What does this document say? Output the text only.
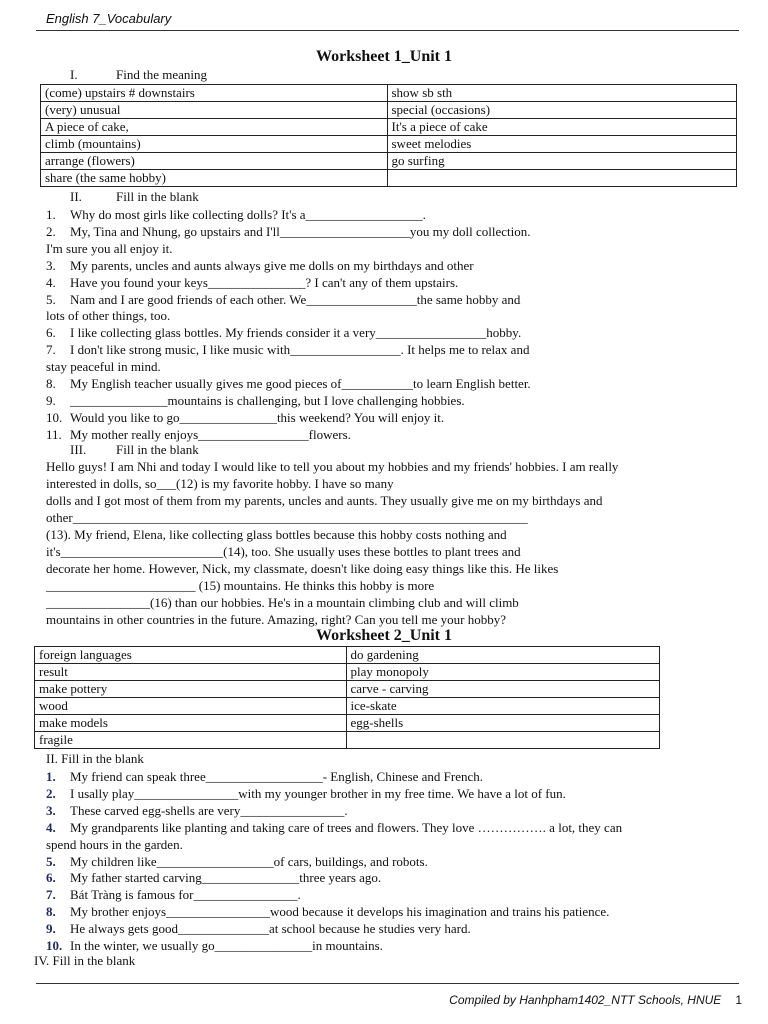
English 7_Vocabulary
Worksheet 1_Unit 1
I.	Find the meaning
(come) upstairs # downstairs	show sb sth
(very) unusual	special (occasions)
A piece of cake,	It's a piece of cake
climb (mountains)	sweet melodies
arrange (flowers)	go surfing
share (the same hobby)	
II.	Fill in the blank
1. Why do most girls like collecting dolls? It's a__________________.
2. My, Tina and Nhung, go upstairs and I'll____________________you my doll collection.
I'm sure you all enjoy it.
3. My parents, uncles and aunts always give me dolls on my birthdays and other
4. Have you found your keys_______________? I can't any of them upstairs.
5. Nam and I are good friends of each other. We_________________the same hobby and
lots of other things, too.
6. I like collecting glass bottles. My friends consider it a very_________________hobby.
7. I don't like strong music, I like music with_________________. It helps me to relax and
stay peaceful in mind.
8. My English teacher usually gives me good pieces of___________to learn English better.
9. _______________mountains is challenging, but I love challenging hobbies.
10. Would you like to go_______________this weekend? You will enjoy it.
11. My mother really enjoys_________________flowers.
III. Fill in the blank
Hello guys! I am Nhi and today I would like to tell you about my hobbies and my friends' hobbies. I am really
interested in dolls, so___(12) is my favorite hobby. I have so many
dolls and I got most of them from my parents, uncles and aunts. They usually give me on my birthdays and
other______________________________________________________________________
(13). My friend, Elena, like collecting glass bottles because this hobby costs nothing and
it's_________________________(14), too. She usually uses these bottles to plant trees and
decorate her home. However, Nick, my classmate, doesn't like doing easy things like this. He likes
_______________________ (15) mountains. He thinks this hobby is more
________________(16) than our hobbies. He's in a mountain climbing club and will climb
mountains in other countries in the future. Amazing, right? Can you tell me your hobby?
Worksheet 2_Unit 1
foreign languages	do gardening
result	play monopoly
make pottery	carve - carving
wood	ice-skate
make models	egg-shells
fragile	
II. Fill in the blank
1. My friend can speak three__________________- English, Chinese and French.
2. I usally play________________with my younger brother in my free time. We have a lot of fun.
3. These carved egg-shells are very________________.
4. My grandparents like planting and taking care of trees and flowers. They love ……………. a lot, they can
spend hours in the garden.
5. My children like__________________of cars, buildings, and robots.
6. My father started carving_______________three years ago.
7. Bát Tràng is famous for________________.
8. My brother enjoys________________wood because it develops his imagination and trains his patience.
9. He always gets good______________at school because he studies very hard.
10. In the winter, we usually go_______________in mountains.
IV. Fill in the blank
Compiled by Hanhpham1402_NTT Schools, HNUE 1
